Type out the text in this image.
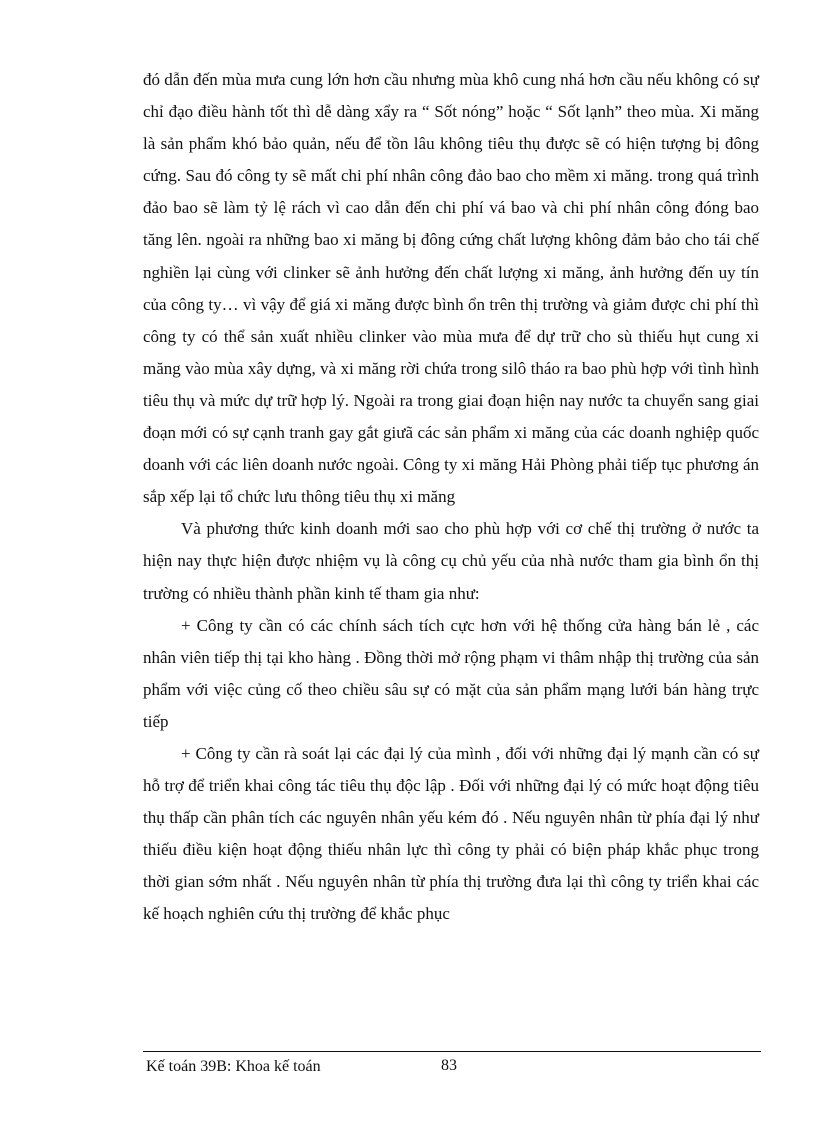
đó dẫn đến mùa mưa cung lớn hơn cầu nhưng mùa khô cung nhá hơn cầu nếu không có sự chỉ đạo điều hành tốt thì dễ dàng xẩy ra “ Sốt nóng” hoặc “ Sốt lạnh” theo mùa. Xi măng là sản phẩm khó bảo quản, nếu để tồn lâu không tiêu thụ được sẽ có hiện tượng bị đông cứng. Sau đó công ty sẽ mất chi phí nhân công đảo bao cho mềm xi măng. trong quá trình đảo bao sẽ làm tỷ lệ rách vì cao dẫn đến chi phí vá bao và chi phí nhân công đóng bao tăng lên. ngoài ra những bao xi măng bị đông cứng chất lượng không đảm bảo cho tái chế nghiền lại cùng với clinker sẽ ảnh hưởng đến chất lượng xi măng, ảnh hưởng đến uy tín của công ty… vì vậy để giá xi măng được bình ổn trên thị trường và giảm được chi phí thì công ty có thể sản xuất nhiều clinker vào mùa mưa để dự trữ cho sù thiếu hụt cung xi măng vào mùa xây dựng, và xi măng rời chứa trong silô tháo ra bao phù hợp với tình hình tiêu thụ và mức dự trữ hợp lý. Ngoài ra trong giai đoạn hiện nay nước ta chuyển sang giai đoạn mới có sự cạnh tranh gay gắt giưã các sản phẩm xi măng của các doanh nghiệp quốc doanh với các liên doanh nước ngoài. Công ty xi măng Hải Phòng phải tiếp tục phương án sắp xếp lại tổ chức lưu thông tiêu thụ xi măng

Và phương thức kinh doanh mới sao cho phù hợp với cơ chế thị trường ở nước ta hiện nay thực hiện được nhiệm vụ là công cụ chủ yếu của nhà nước tham gia bình ổn thị trường có nhiều thành phần kinh tế tham gia như:

+ Công ty cần có các chính sách tích cực hơn với hệ thống cửa hàng bán lẻ , các nhân viên tiếp thị tại kho hàng . Đồng thời mở rộng phạm vi thâm nhập thị trường của sản phẩm với việc củng cố theo chiều sâu sự có mặt của sản phẩm mạng lưới bán hàng trực tiếp

+ Công ty cần rà soát lại các đại lý của mình , đối với những đại lý mạnh cần có sự hỗ trợ để triển khai công tác tiêu thụ độc lập . Đối với những đại lý có mức hoạt động tiêu thụ thấp cần phân tích các nguyên nhân yếu kém đó . Nếu nguyên nhân từ phía đại lý như thiếu điều kiện hoạt động thiếu nhân lực thì công ty phải có biện pháp khắc phục trong thời gian sớm nhất . Nếu nguyên nhân từ phía thị trường đưa lại thì công ty triển khai các kế hoạch nghiên cứu thị trường để khắc phục

Kế toán 39B: Khoa kế toán	83
